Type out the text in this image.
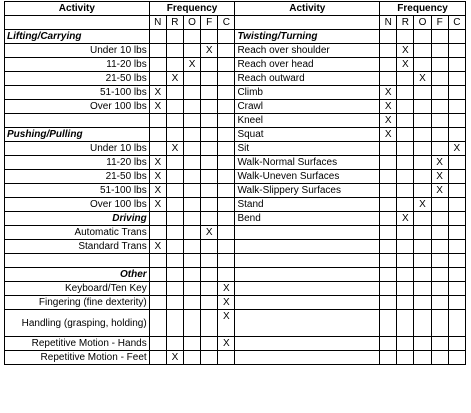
Activity	Frequency					Activity	Frequency				
	N	R	O	F	C		N	R	O	F	C
Lifting/Carrying						Twisting/Turning					
Under 10 lbs				X		Reach over shoulder		X			
11-20 lbs			X			Reach over head		X			
21-50 lbs		X				Reach outward			X		
51-100 lbs	X					Climb	X				
Over 100 lbs	X					Crawl	X				
						Kneel	X				
Pushing/Pulling						Squat	X				
Under 10 lbs		X				Sit					X
11-20 lbs	X					Walk-Normal Surfaces				X	
21-50 lbs	X					Walk-Uneven Surfaces				X	
51-100 lbs	X					Walk-Slippery Surfaces				X	
Over 100 lbs	X					Stand			X		
Driving						Bend		X			
Automatic Trans				X							
Standard Trans	X										

Other											
Keyboard/Ten Key					X						
Fingering (fine dexterity)					X						
Handling (grasping, holding)					X						
Repetitive Motion - Hands					X						
Repetitive Motion - Feet		X									
